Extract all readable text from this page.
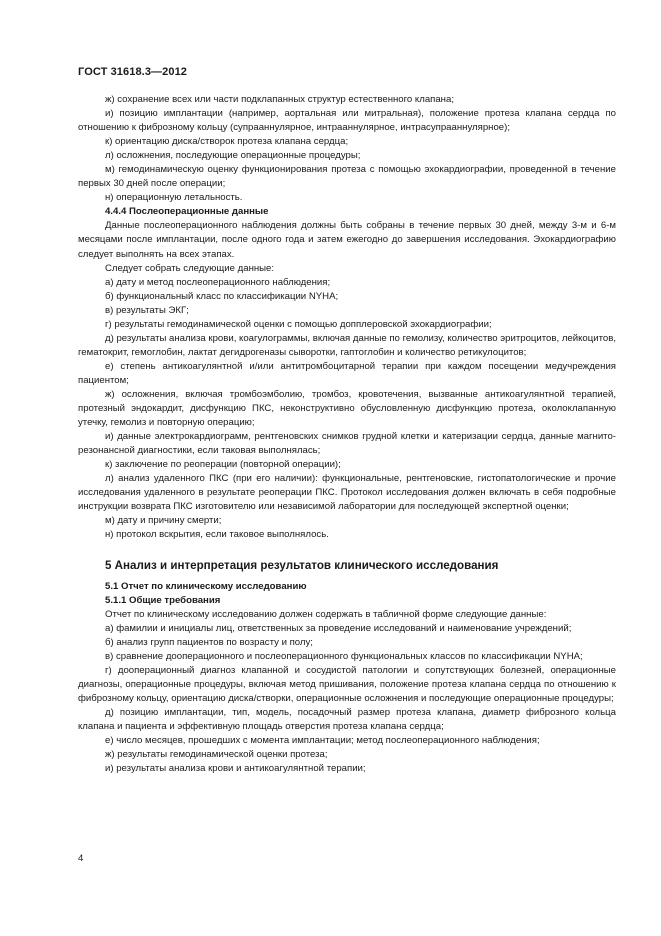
ГОСТ 31618.3—2012

ж) сохранение всех или части подклапанных структур естественного клапана;

и) позицию имплантации (например, аортальная или митральная), положение протеза клапана сердца по отношению к фиброзному кольцу (супрааннулярное, интрааннулярное, интрасупрааннулярное);

к) ориентацию диска/створок протеза клапана сердца;

л) осложнения, последующие операционные процедуры;

м) гемодинамическую оценку функционирования протеза с помощью эхокардиографии, проведенной в течение первых 30 дней после операции;

н) операционную летальность.

4.4.4 Послеоперационные данные

Данные послеоперационного наблюдения должны быть собраны в течение первых 30 дней, между 3-м и 6-м месяцами после имплантации, после одного года и затем ежегодно до завершения исследования. Эхокардиографию следует выполнять на всех этапах.

Следует собрать следующие данные:

а) дату и метод послеоперационного наблюдения;

б) функциональный класс по классификации NYHA;

в) результаты ЭКГ;

г) результаты гемодинамической оценки с помощью допплеровской эхокардиографии;

д) результаты анализа крови, коагулограммы, включая данные по гемолизу, количество эритроцитов, лейкоцитов, гематокрит, гемоглобин, лактат дегидрогеназы сыворотки, гаптоглобин и количество ретикулоцитов;

е) степень антикоагулянтной и/или антитромбоцитарной терапии при каждом посещении медучреждения пациентом;

ж) осложнения, включая тромбоэмболию, тромбоз, кровотечения, вызванные антикоагулянтной терапией, протезный эндокардит, дисфункцию ПКС, неконструктивно обусловленную дисфункцию протеза, околоклапанную утечку, гемолиз и повторную операцию;

и) данные электрокардиограмм, рентгеновских снимков грудной клетки и катеризации сердца, данные магнито-резонансной диагностики, если таковая выполнялась;

к) заключение по реоперации (повторной операции);

л) анализ удаленного ПКС (при его наличии): функциональные, рентгеновские, гистопатологические и прочие исследования удаленного в результате реоперации ПКС. Протокол исследования должен включать в себя подробные инструкции возврата ПКС изготовителю или независимой лаборатории для последующей экспертной оценки;

м) дату и причину смерти;

н) протокол вскрытия, если таковое выполнялось.

5 Анализ и интерпретация результатов клинического исследования

5.1 Отчет по клиническому исследованию

5.1.1 Общие требования

Отчет по клиническому исследованию должен содержать в табличной форме следующие данные:

а) фамилии и инициалы лиц, ответственных за проведение исследований и наименование учреждений;

б) анализ групп пациентов по возрасту и полу;

в) сравнение дооперационного и послеоперационного функциональных классов по классификации NYHA;

г) дооперационный диагноз клапанной и сосудистой патологии и сопутствующих болезней, операционные диагнозы, операционные процедуры, включая метод пришивания, положение протеза клапана сердца по отношению к фиброзному кольцу, ориентацию диска/створки, операционные осложнения и последующие операционные процедуры;

д) позицию имплантации, тип, модель, посадочный размер протеза клапана, диаметр фиброзного кольца клапана и пациента и эффективную площадь отверстия протеза клапана сердца;

е) число месяцев, прошедших с момента имплантации; метод послеоперационного наблюдения;

ж) результаты гемодинамической оценки протеза;

и) результаты анализа крови и антикоагулянтной терапии;

4
